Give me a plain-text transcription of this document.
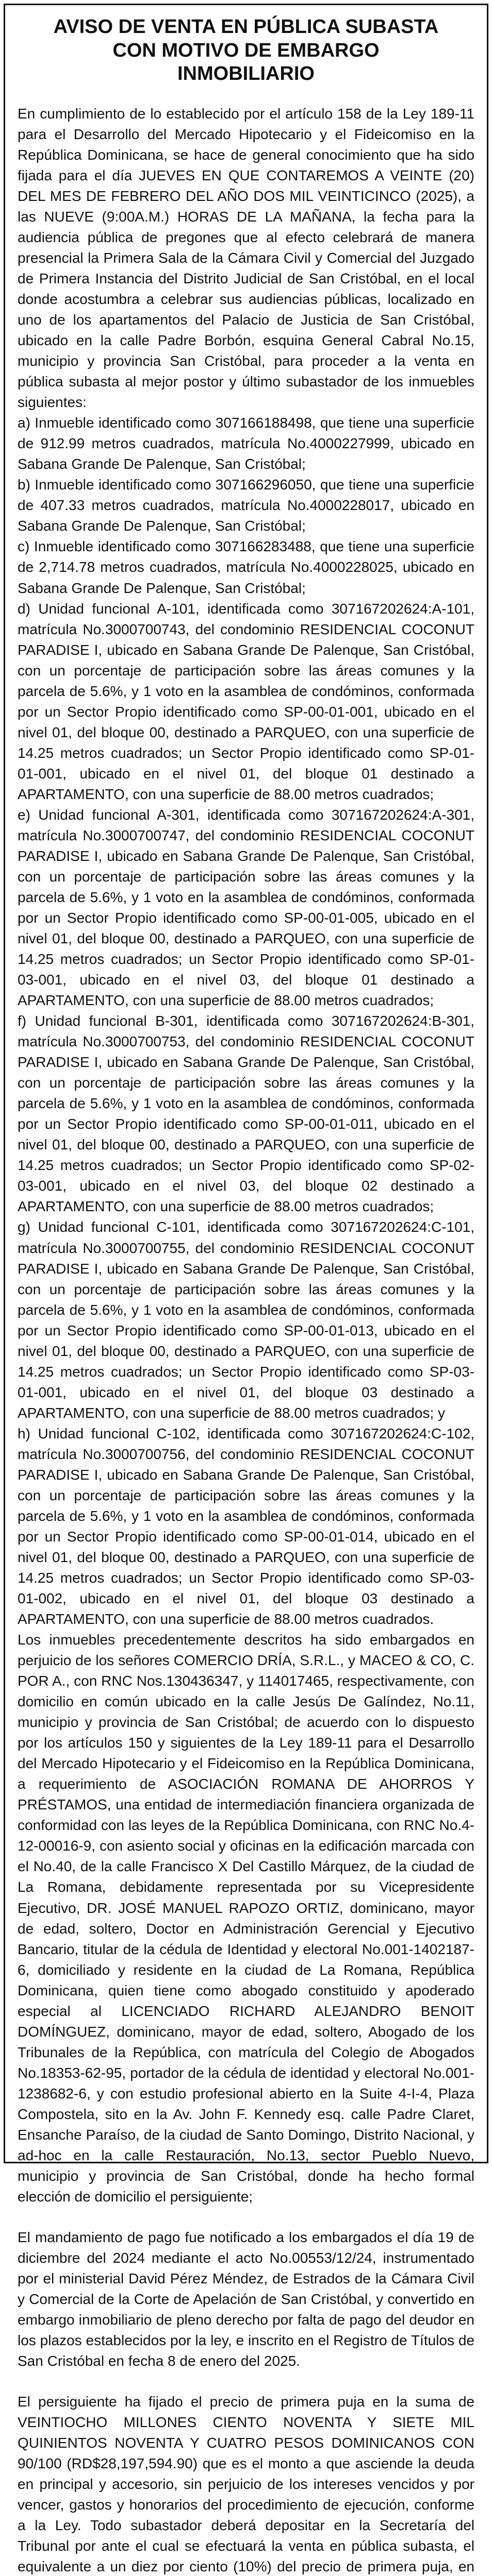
AVISO DE VENTA EN PÚBLICA SUBASTA CON MOTIVO DE EMBARGO INMOBILIARIO

En cumplimiento de lo establecido por el artículo 158 de la Ley 189-11 para el Desarrollo del Mercado Hipotecario y el Fideicomiso en la República Dominicana, se hace de general conocimiento que ha sido fijada para el día JUEVES EN QUE CONTAREMOS A VEINTE (20) DEL MES DE FEBRERO DEL AÑO DOS MIL VEINTICINCO (2025), a las NUEVE (9:00A.M.) HORAS DE LA MAÑANA, la fecha para la audiencia pública de pregones que al efecto celebrará de manera presencial la Primera Sala de la Cámara Civil y Comercial del Juzgado de Primera Instancia del Distrito Judicial de San Cristóbal, en el local donde acostumbra a celebrar sus audiencias públicas, localizado en uno de los apartamentos del Palacio de Justicia de San Cristóbal, ubicado en la calle Padre Borbón, esquina General Cabral No.15, municipio y provincia San Cristóbal, para proceder a la venta en pública subasta al mejor postor y último subastador de los inmuebles siguientes:

a) Inmueble identificado como 307166188498, que tiene una superficie de 912.99 metros cuadrados, matrícula No.4000227999, ubicado en Sabana Grande De Palenque, San Cristóbal;

b) Inmueble identificado como 307166296050, que tiene una superficie de 407.33 metros cuadrados, matrícula No.4000228017, ubicado en Sabana Grande De Palenque, San Cristóbal;

c) Inmueble identificado como 307166283488, que tiene una superficie de 2,714.78 metros cuadrados, matrícula No.4000228025, ubicado en Sabana Grande De Palenque, San Cristóbal;

d) Unidad funcional A-101, identificada como 307167202624:A-101, matrícula No.3000700743, del condominio RESIDENCIAL COCONUT PARADISE I, ubicado en Sabana Grande De Palenque, San Cristóbal, con un porcentaje de participación sobre las áreas comunes y la parcela de 5.6%, y 1 voto en la asamblea de condóminos, conformada por un Sector Propio identificado como SP-00-01-001, ubicado en el nivel 01, del bloque 00, destinado a PARQUEO, con una superficie de 14.25 metros cuadrados; un Sector Propio identificado como SP-01-01-001, ubicado en el nivel 01, del bloque 01 destinado a APARTAMENTO, con una superficie de 88.00 metros cuadrados;

e) Unidad funcional A-301, identificada como 307167202624:A-301, matrícula No.3000700747, del condominio RESIDENCIAL COCONUT PARADISE I, ubicado en Sabana Grande De Palenque, San Cristóbal, con un porcentaje de participación sobre las áreas comunes y la parcela de 5.6%, y 1 voto en la asamblea de condóminos, conformada por un Sector Propio identificado como SP-00-01-005, ubicado en el nivel 01, del bloque 00, destinado a PARQUEO, con una superficie de 14.25 metros cuadrados; un Sector Propio identificado como SP-01-03-001, ubicado en el nivel 03, del bloque 01 destinado a APARTAMENTO, con una superficie de 88.00 metros cuadrados;

f) Unidad funcional B-301, identificada como 307167202624:B-301, matrícula No.3000700753, del condominio RESIDENCIAL COCONUT PARADISE I, ubicado en Sabana Grande De Palenque, San Cristóbal, con un porcentaje de participación sobre las áreas comunes y la parcela de 5.6%, y 1 voto en la asamblea de condóminos, conformada por un Sector Propio identificado como SP-00-01-011, ubicado en el nivel 01, del bloque 00, destinado a PARQUEO, con una superficie de 14.25 metros cuadrados; un Sector Propio identificado como SP-02-03-001, ubicado en el nivel 03, del bloque 02 destinado a APARTAMENTO, con una superficie de 88.00 metros cuadrados;

g) Unidad funcional C-101, identificada como 307167202624:C-101, matrícula No.3000700755, del condominio RESIDENCIAL COCONUT PARADISE I, ubicado en Sabana Grande De Palenque, San Cristóbal, con un porcentaje de participación sobre las áreas comunes y la parcela de 5.6%, y 1 voto en la asamblea de condóminos, conformada por un Sector Propio identificado como SP-00-01-013, ubicado en el nivel 01, del bloque 00, destinado a PARQUEO, con una superficie de 14.25 metros cuadrados; un Sector Propio identificado como SP-03-01-001, ubicado en el nivel 01, del bloque 03 destinado a APARTAMENTO, con una superficie de 88.00 metros cuadrados; y

h) Unidad funcional C-102, identificada como 307167202624:C-102, matrícula No.3000700756, del condominio RESIDENCIAL COCONUT PARADISE I, ubicado en Sabana Grande De Palenque, San Cristóbal, con un porcentaje de participación sobre las áreas comunes y la parcela de 5.6%, y 1 voto en la asamblea de condóminos, conformada por un Sector Propio identificado como SP-00-01-014, ubicado en el nivel 01, del bloque 00, destinado a PARQUEO, con una superficie de 14.25 metros cuadrados; un Sector Propio identificado como SP-03-01-002, ubicado en el nivel 01, del bloque 03 destinado a APARTAMENTO, con una superficie de 88.00 metros cuadrados.

Los inmuebles precedentemente descritos ha sido embargados en perjuicio de los señores COMERCIO DRÍA, S.R.L., y MACEO & CO, C. POR A., con RNC Nos.130436347, y 114017465, respectivamente, con domicilio en común ubicado en la calle Jesús De Galíndez, No.11, municipio y provincia de San Cristóbal; de acuerdo con lo dispuesto por los artículos 150 y siguientes de la Ley 189-11 para el Desarrollo del Mercado Hipotecario y el Fideicomiso en la República Dominicana, a requerimiento de ASOCIACIÓN ROMANA DE AHORROS Y PRÉSTAMOS, una entidad de intermediación financiera organizada de conformidad con las leyes de la República Dominicana, con RNC No.4-12-00016-9, con asiento social y oficinas en la edificación marcada con el No.40, de la calle Francisco X Del Castillo Márquez, de la ciudad de La Romana, debidamente representada por su Vicepresidente Ejecutivo, DR. JOSÉ MANUEL RAPOZO ORTIZ, dominicano, mayor de edad, soltero, Doctor en Administración Gerencial y Ejecutivo Bancario, titular de la cédula de Identidad y electoral No.001-1402187-6, domiciliado y residente en la ciudad de La Romana, República Dominicana, quien tiene como abogado constituido y apoderado especial al LICENCIADO RICHARD ALEJANDRO BENOIT DOMÍNGUEZ, dominicano, mayor de edad, soltero, Abogado de los Tribunales de la República, con matrícula del Colegio de Abogados No.18353-62-95, portador de la cédula de identidad y electoral No.001-1238682-6, y con estudio profesional abierto en la Suite 4-I-4, Plaza Compostela, sito en la Av. John F. Kennedy esq. calle Padre Claret, Ensanche Paraíso, de la ciudad de Santo Domingo, Distrito Nacional, y ad-hoc en la calle Restauración, No.13, sector Pueblo Nuevo, municipio y provincia de San Cristóbal, donde ha hecho formal elección de domicilio el persiguiente;

El mandamiento de pago fue notificado a los embargados el día 19 de diciembre del 2024 mediante el acto No.00553/12/24, instrumentado por el ministerial David Pérez Méndez, de Estrados de la Cámara Civil y Comercial de la Corte de Apelación de San Cristóbal, y convertido en embargo inmobiliario de pleno derecho por falta de pago del deudor en los plazos establecidos por la ley, e inscrito en el Registro de Títulos de San Cristóbal en fecha 8 de enero del 2025.

El persiguiente ha fijado el precio de primera puja en la suma de VEINTIOCHO MILLONES CIENTO NOVENTA Y SIETE MIL QUINIENTOS NOVENTA Y CUATRO PESOS DOMINICANOS CON 90/100 (RD$28,197,594.90) que es el monto a que asciende la deuda en principal y accesorio, sin perjuicio de los intereses vencidos y por vencer, gastos y honorarios del procedimiento de ejecución, conforme a la Ley. Todo subastador deberá depositar en la Secretaría del Tribunal por ante el cual se efectuará la venta en pública subasta, el equivalente a un diez por ciento (10%) del precio de primera puja, en
